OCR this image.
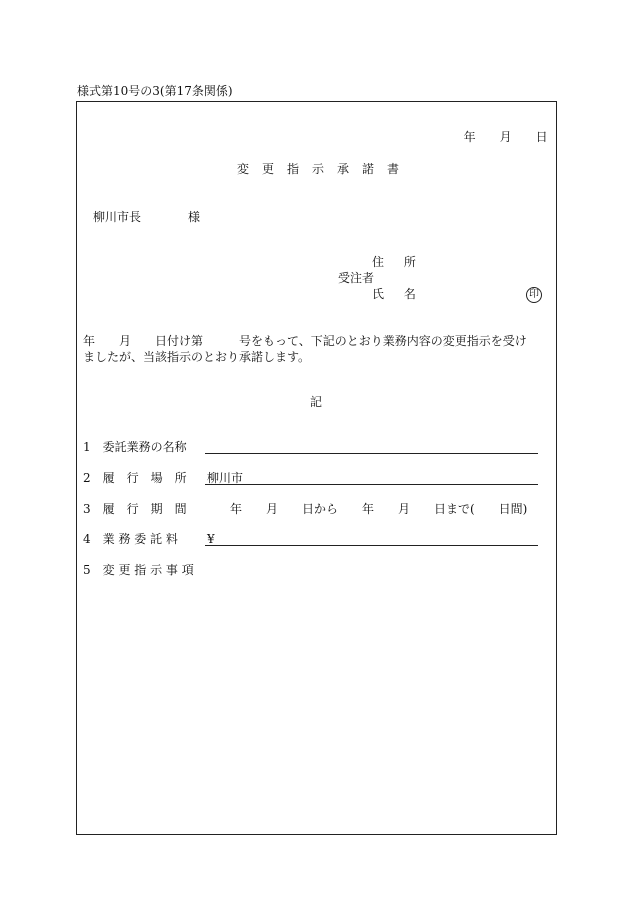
様式第10号の3(第17条関係)

年 月 日

変更指示承諾書
柳川市長	様
住 所
受注者
氏 名	印
年　　月　　日付け第　　　号をもって、下記のとおり業務内容の変更指示を受け
ましたが、当該指示のとおり承諾します。
記
1　委託業務の名称
2　履　行　場　所 柳川市
3　履　行　期　間	年　　月　　日から　　年　　月　　日まで(　　日間)
4　業 務 委 託 料 ¥
5　変 更 指 示 事 項
